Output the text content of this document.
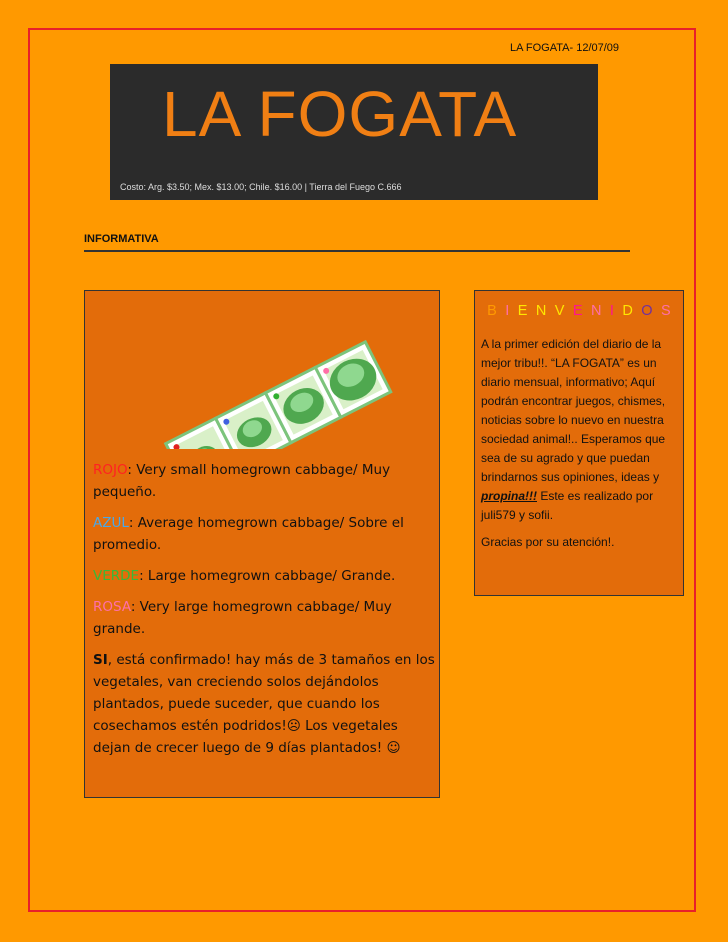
LA FOGATA- 12/07/09
LA FOGATA
Costo: Arg. $3.50; Mex. $13.00; Chile. $16.00 | Tierra del Fuego C.666
INFORMATIVA

ROJO: Very small homegrown cabbage/ Muy pequeño.

AZUL: Average homegrown cabbage/ Sobre el promedio.

VERDE: Large homegrown cabbage/ Grande.

ROSA: Very large homegrown cabbage/ Muy grande.

SI, está confirmado! hay más de 3 tamaños en los vegetales, van creciendo solos dejándolos plantados, puede suceder, que cuando los cosechamos estén podridos!☹ Los vegetales dejan de crecer luego de 9 días plantados! ☺

B I E N V E N I D O S

A la primer edición del diario de la mejor tribu!!. “LA FOGATA” es un diario mensual, informativo; Aquí podrán encontrar juegos, chismes, noticias sobre lo nuevo en nuestra sociedad animal!.. Esperamos que sea de su agrado y que puedan brindarnos sus opiniones, ideas y propina!!! Este es realizado por juli579 y sofii.

Gracias por su atención!.
